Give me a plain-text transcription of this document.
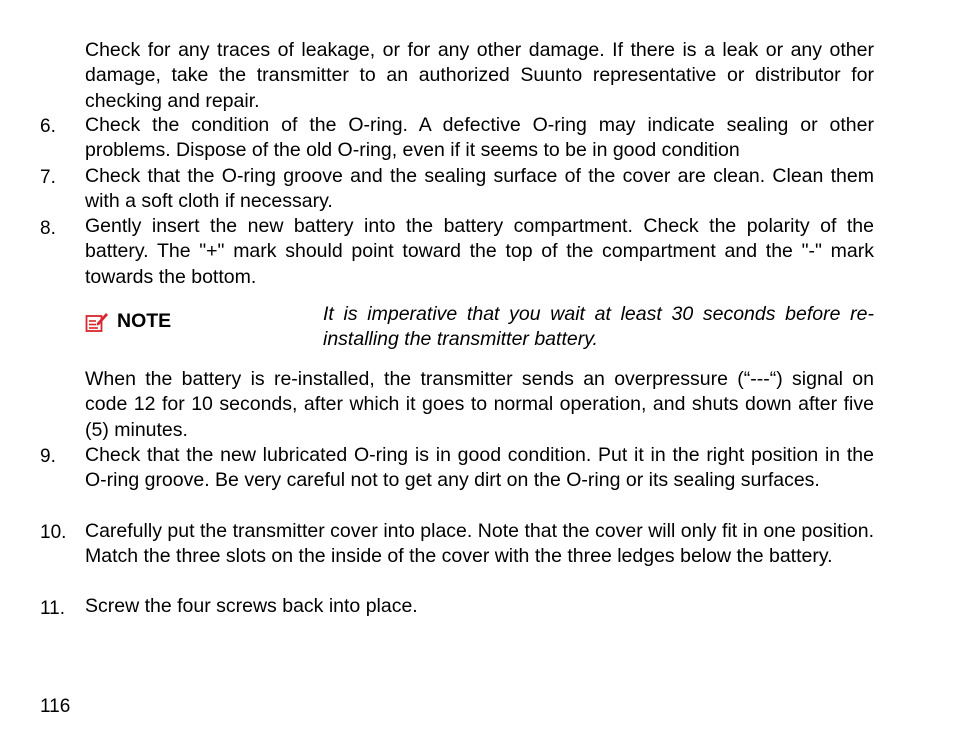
Check for any traces of leakage, or for any other damage. If there is a leak or any other damage, take the transmitter to an authorized Suunto representative or distributor for checking and repair.

6. Check the condition of the O-ring. A defective O-ring may indicate sealing or other problems. Dispose of the old O-ring, even if it seems to be in good condition

7. Check that the O-ring groove and the sealing surface of the cover are clean. Clean them with a soft cloth if necessary.

8. Gently insert the new battery into the battery compartment. Check the polarity of the battery. The "+" mark should point toward the top of the compartment and the "-" mark towards the bottom.

NOTE	It is imperative that you wait at least 30 seconds before re-installing the transmitter battery.

When the battery is re-installed, the transmitter sends an overpressure (“---“) signal on code 12 for 10 seconds, after which it goes to normal operation, and shuts down after five (5) minutes.

9. Check that the new lubricated O-ring is in good condition. Put it in the right position in the O-ring groove. Be very careful not to get any dirt on the O-ring or its sealing surfaces.

10. Carefully put the transmitter cover into place. Note that the cover will only fit in one position. Match the three slots on the inside of the cover with the three ledges below the battery.

11. Screw the four screws back into place.

116
